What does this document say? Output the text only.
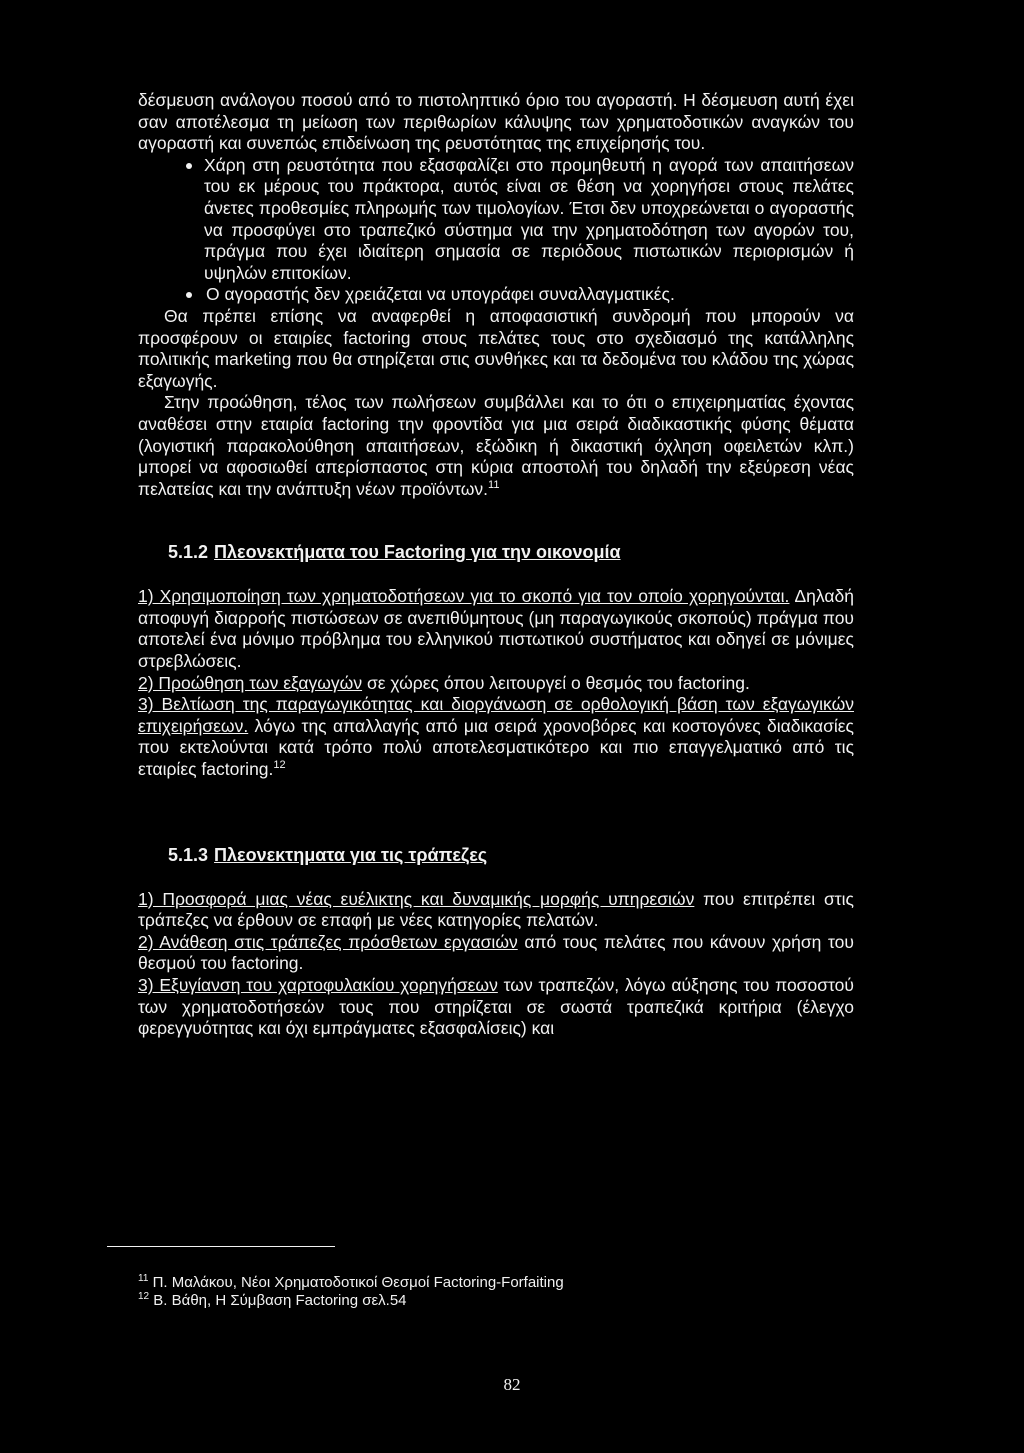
δέσμευση ανάλογου ποσού από το πιστοληπτικό όριο του αγοραστή. Η δέσμευση αυτή έχει σαν αποτέλεσμα τη μείωση των περιθωρίων κάλυψης των χρηματοδοτικών αναγκών του αγοραστή και συνεπώς επιδείνωση της ρευστότητας της επιχείρησής του.

Χάρη στη ρευστότητα που εξασφαλίζει στο προμηθευτή η αγορά των απαιτήσεων του εκ μέρους του πράκτορα, αυτός είναι σε θέση να χορηγήσει στους πελάτες άνετες προθεσμίες πληρωμής των τιμολογίων. Έτσι δεν υποχρεώνεται ο αγοραστής να προσφύγει στο τραπεζικό σύστημα για την χρηματοδότηση των αγορών του, πράγμα που έχει ιδιαίτερη σημασία σε περιόδους πιστωτικών περιορισμών ή υψηλών επιτοκίων.

Ο αγοραστής δεν χρειάζεται να υπογράφει συναλλαγματικές.

Θα πρέπει επίσης να αναφερθεί η αποφασιστική συνδρομή που μπορούν να προσφέρουν οι εταιρίες factoring στους πελάτες τους στο σχεδιασμό της κατάλληλης πολιτικής marketing που θα στηρίζεται στις συνθήκες και τα δεδομένα του κλάδου της χώρας εξαγωγής.

Στην προώθηση, τέλος των πωλήσεων συμβάλλει και το ότι ο επιχειρηματίας έχοντας αναθέσει στην εταιρία factoring την φροντίδα για μια σειρά διαδικαστικής φύσης θέματα (λογιστική παρακολούθηση απαιτήσεων, εξώδικη ή δικαστική όχληση οφειλετών κλπ.) μπορεί να αφοσιωθεί απερίσπαστος στη κύρια αποστολή του δηλαδή την εξεύρεση νέας πελατείας και την ανάπτυξη νέων προϊόντων.$^{11}$

5.1.2 Πλεονεκτήματα του Factoring για την οικονομία

1) Χρησιμοποίηση των χρηματοδοτήσεων για το σκοπό για τον οποίο χορηγούνται. Δηλαδή αποφυγή διαρροής πιστώσεων σε ανεπιθύμητους (μη παραγωγικούς σκοπούς) πράγμα που αποτελεί ένα μόνιμο πρόβλημα του ελληνικού πιστωτικού συστήματος και οδηγεί σε μόνιμες στρεβλώσεις.

2) Προώθηση των εξαγωγών σε χώρες όπου λειτουργεί ο θεσμός του factoring.

3) Βελτίωση της παραγωγικότητας και διοργάνωση σε ορθολογική βάση των εξαγωγικών επιχειρήσεων. λόγω της απαλλαγής από μια σειρά χρονοβόρες και κοστογόνες διαδικασίες που εκτελούνται κατά τρόπο πολύ αποτελεσματικότερο και πιο επαγγελματικό από τις εταιρίες factoring.$^{12}$

5.1.3 Πλεονεκτηματα για τις τράπεζες

1) Προσφορά μιας νέας ευέλικτης και δυναμικής μορφής υπηρεσιών που επιτρέπει στις τράπεζες να έρθουν σε επαφή με νέες κατηγορίες πελατών.

2) Ανάθεση στις τράπεζες πρόσθετων εργασιών από τους πελάτες που κάνουν χρήση του θεσμού του factoring.

3) Εξυγίανση του χαρτοφυλακίου χορηγήσεων των τραπεζών, λόγω αύξησης του ποσοστού των χρηματοδοτήσεών τους που στηρίζεται σε σωστά τραπεζικά κριτήρια (έλεγχο φερεγγυότητας και όχι εμπράγματες εξασφαλίσεις) και

$^{11}$ Π. Μαλάκου, Νέοι Χρηματοδοτικοί Θεσμοί Factoring-Forfaiting
$^{12}$ Β. Βάθη, Η Σύμβαση Factoring σελ.54
82
